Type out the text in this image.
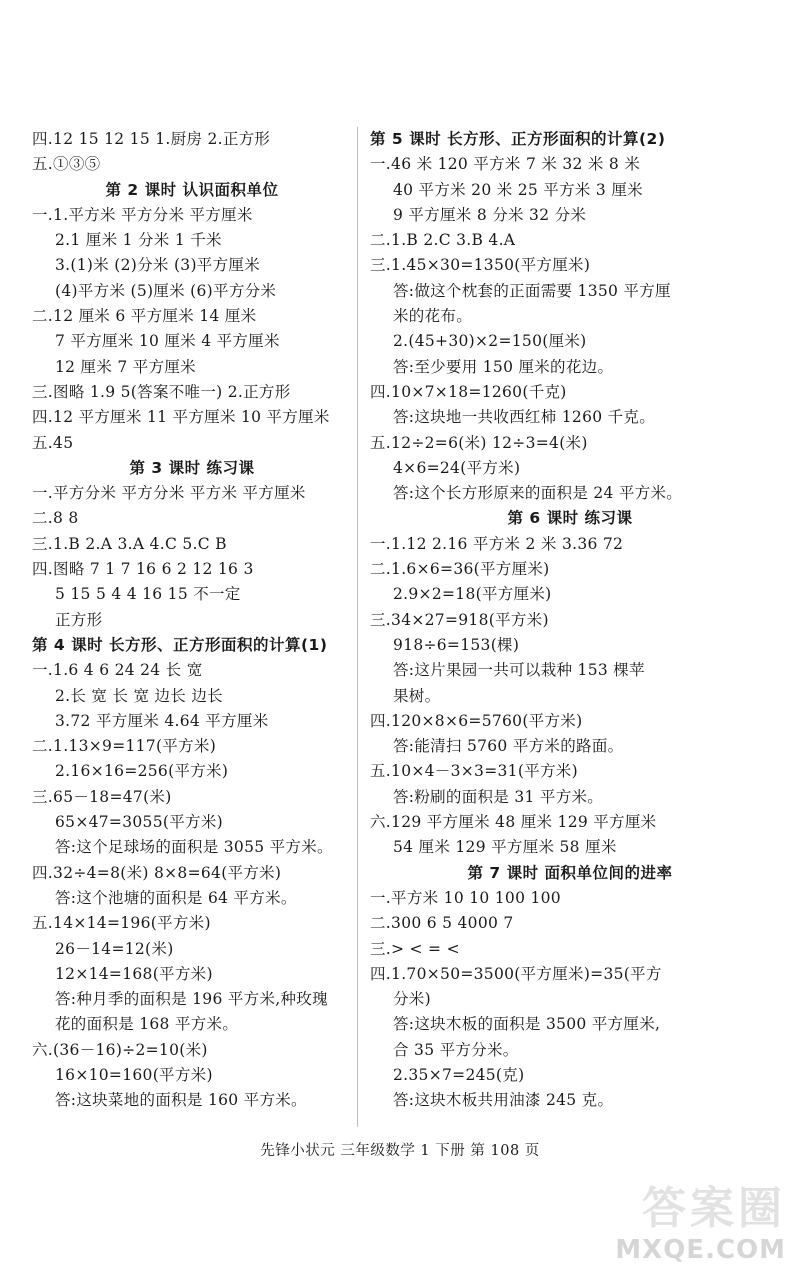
四.12 15 12 15 1.厨房 2.正方形
五.①③⑤
第 2 课时 认识面积单位
一.1.平方米 平方分米 平方厘米
2.1 厘米 1 分米 1 千米
3.(1)米 (2)分米 (3)平方厘米
(4)平方米 (5)厘米 (6)平方分米
二.12 厘米 6 平方厘米 14 厘米
7 平方厘米 10 厘米 4 平方厘米
12 厘米 7 平方厘米
三.图略 1.9 5(答案不唯一) 2.正方形
四.12 平方厘米 11 平方厘米 10 平方厘米
五.45
第 3 课时 练习课
一.平方分米 平方分米 平方米 平方厘米
二.8 8
三.1.B 2.A 3.A 4.C 5.C B
四.图略 7 1 7 16 6 2 12 16 3
5 15 5 4 4 16 15 不一定
正方形
第 4 课时 长方形、正方形面积的计算(1)
一.1.6 4 6 24 24 长 宽
2.长 宽 长 宽 边长 边长
3.72 平方厘米 4.64 平方厘米
二.1.13×9=117(平方米)
2.16×16=256(平方米)
三.65－18=47(米)
65×47=3055(平方米)
答:这个足球场的面积是 3055 平方米。
四.32÷4=8(米) 8×8=64(平方米)
答:这个池塘的面积是 64 平方米。
五.14×14=196(平方米)
26－14=12(米)
12×14=168(平方米)
答:种月季的面积是 196 平方米,种玫瑰
花的面积是 168 平方米。
六.(36－16)÷2=10(米)
16×10=160(平方米)
答:这块菜地的面积是 160 平方米。
第 5 课时 长方形、正方形面积的计算(2)
一.46 米 120 平方米 7 米 32 米 8 米
40 平方米 20 米 25 平方米 3 厘米
9 平方厘米 8 分米 32 分米
二.1.B 2.C 3.B 4.A
三.1.45×30=1350(平方厘米)
答:做这个枕套的正面需要 1350 平方厘
米的花布。
2.(45+30)×2=150(厘米)
答:至少要用 150 厘米的花边。
四.10×7×18=1260(千克)
答:这块地一共收西红柿 1260 千克。
五.12÷2=6(米) 12÷3=4(米)
4×6=24(平方米)
答:这个长方形原来的面积是 24 平方米。
第 6 课时 练习课
一.1.12 2.16 平方米 2 米 3.36 72
二.1.6×6=36(平方厘米)
2.9×2=18(平方厘米)
三.34×27=918(平方米)
918÷6=153(棵)
答:这片果园一共可以栽种 153 棵苹
果树。
四.120×8×6=5760(平方米)
答:能清扫 5760 平方米的路面。
五.10×4－3×3=31(平方米)
答:粉刷的面积是 31 平方米。
六.129 平方厘米 48 厘米 129 平方厘米
54 厘米 129 平方厘米 58 厘米
第 7 课时 面积单位间的进率
一.平方米 10 10 100 100
二.300 6 5 4000 7
三.> < = <
四.1.70×50=3500(平方厘米)=35(平方
分米)
答:这块木板的面积是 3500 平方厘米,
合 35 平方分米。
2.35×7=245(克)
答:这块木板共用油漆 245 克。
先锋小状元 三年级数学 1 下册 第 108 页
答案圈
MXQE.COM
